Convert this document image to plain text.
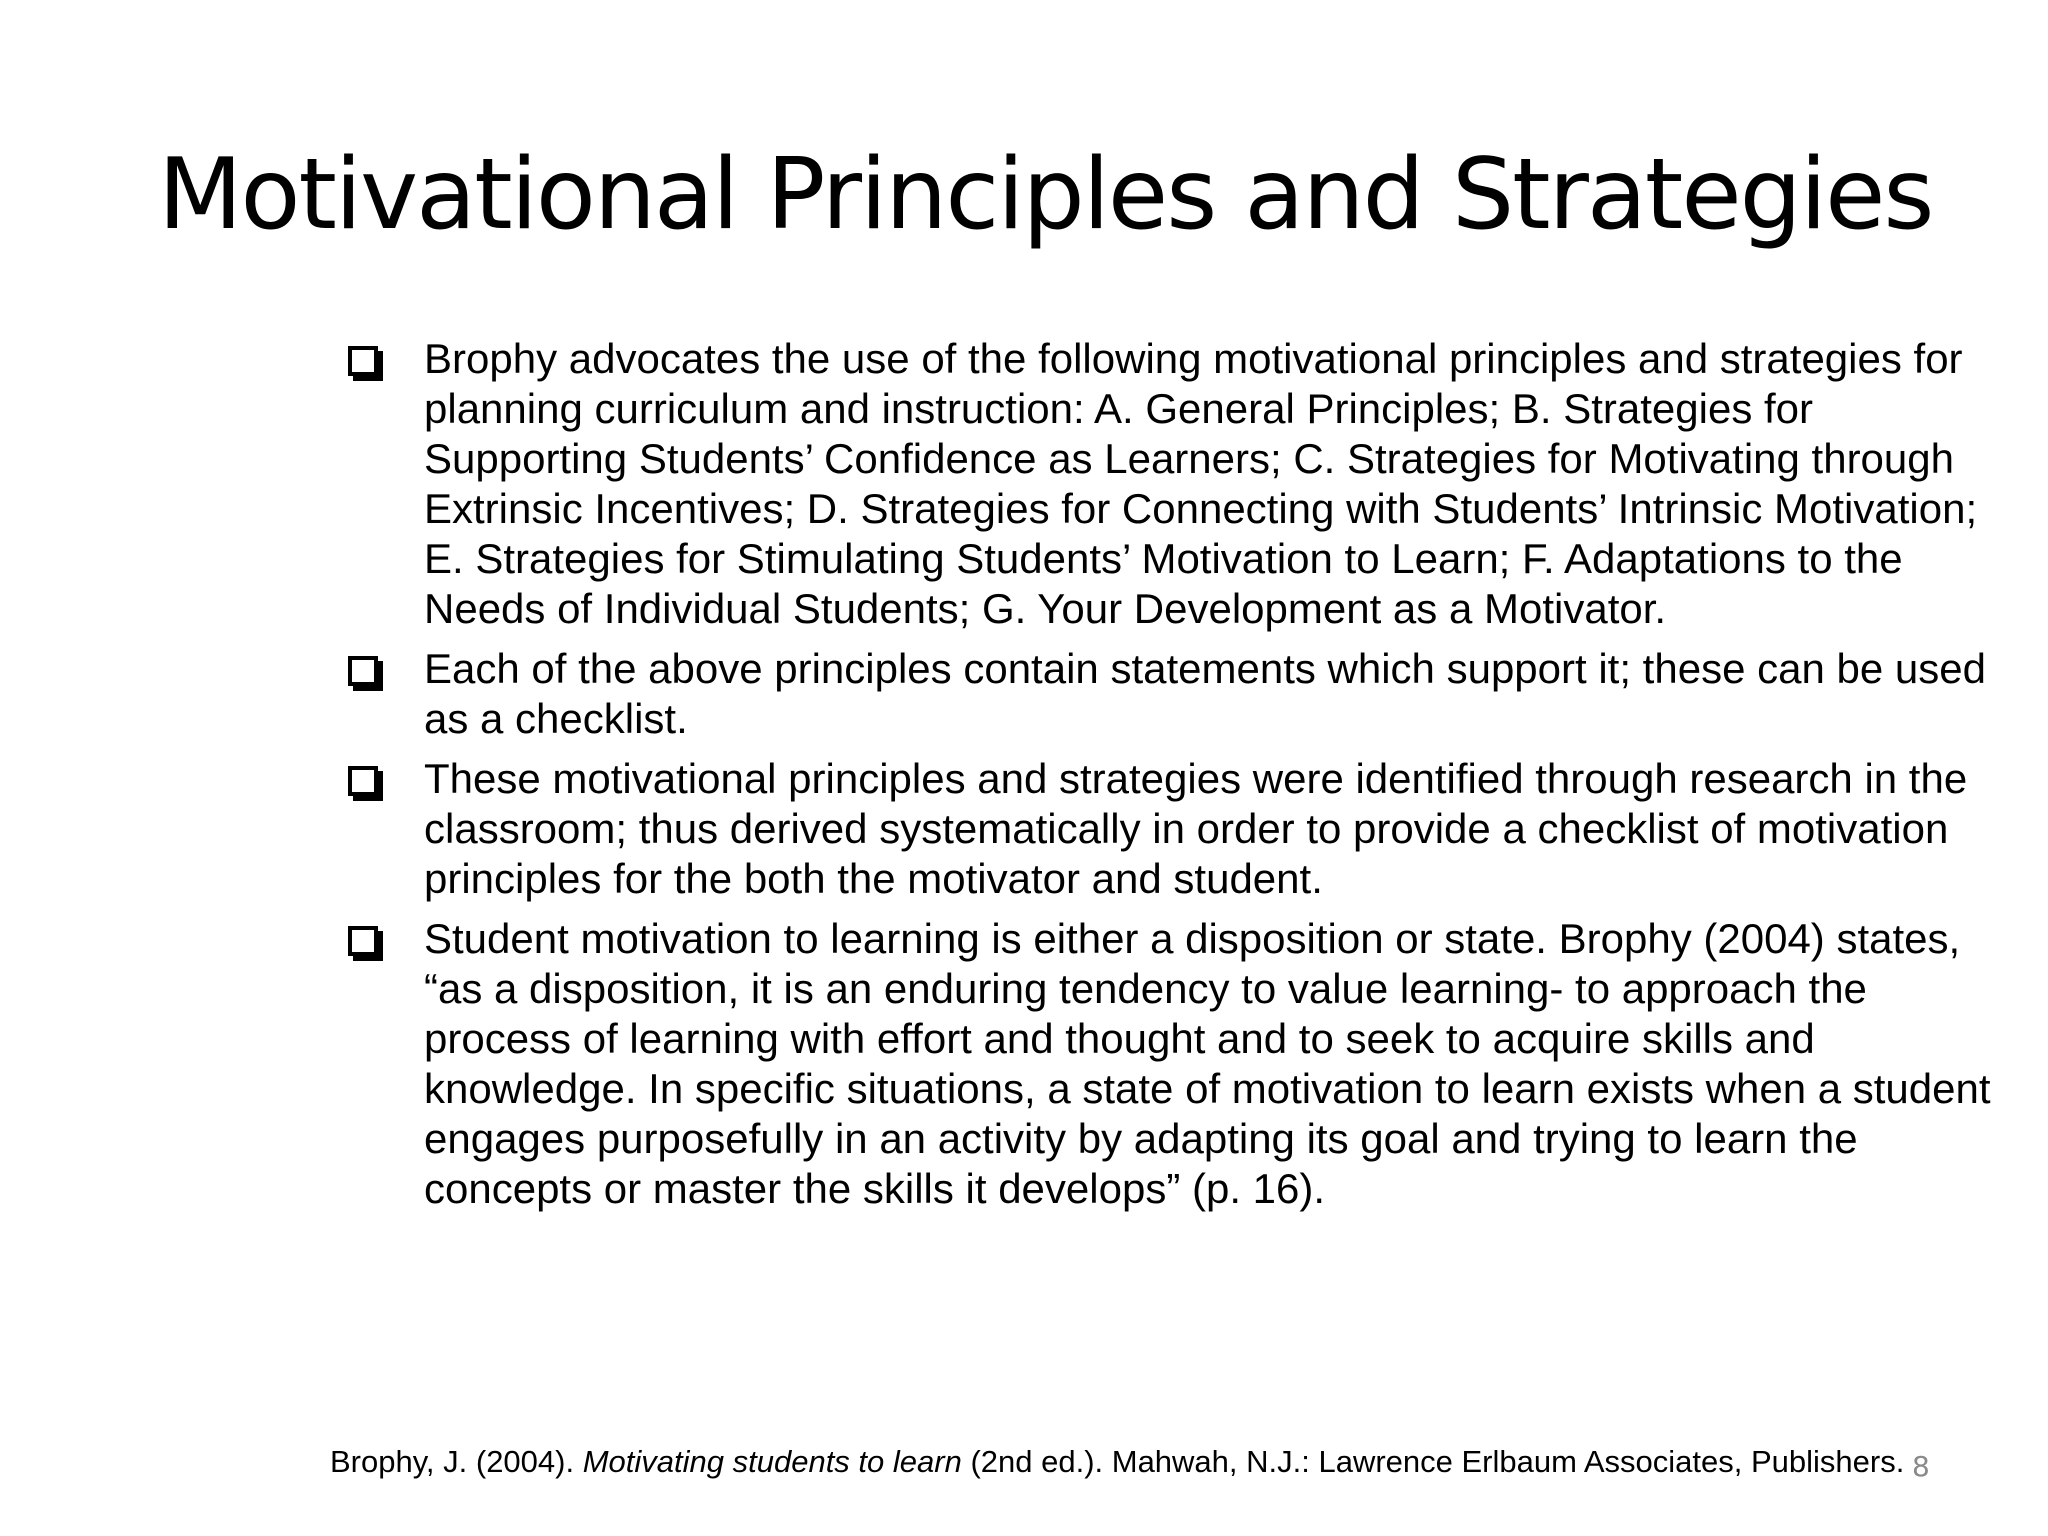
Motivational Principles and Strategies
Brophy advocates the use of the following motivational principles and strategies for planning curriculum and instruction: A. General Principles; B. Strategies for Supporting Students’ Confidence as Learners; C. Strategies for Motivating through Extrinsic Incentives; D. Strategies for Connecting with Students’ Intrinsic Motivation; E. Strategies for Stimulating Students’ Motivation to Learn; F. Adaptations to the Needs of Individual Students; G. Your Development as a Motivator.
Each of the above principles contain statements which support it; these can be used as a checklist.
These motivational principles and strategies were identified through research in the classroom; thus derived systematically in order to provide a checklist of motivation principles for the both the motivator and student.
Student motivation to learning is either a disposition or state. Brophy (2004) states, “as a disposition, it is an enduring tendency to value learning- to approach the process of learning with effort and thought and to seek to acquire skills and knowledge. In specific situations, a state of motivation to learn exists when a student engages purposefully in an activity by adapting its goal and trying to learn the concepts or master the skills it develops” (p. 16).
Brophy, J. (2004). Motivating students to learn (2nd ed.). Mahwah, N.J.: Lawrence Erlbaum Associates, Publishers. 8
